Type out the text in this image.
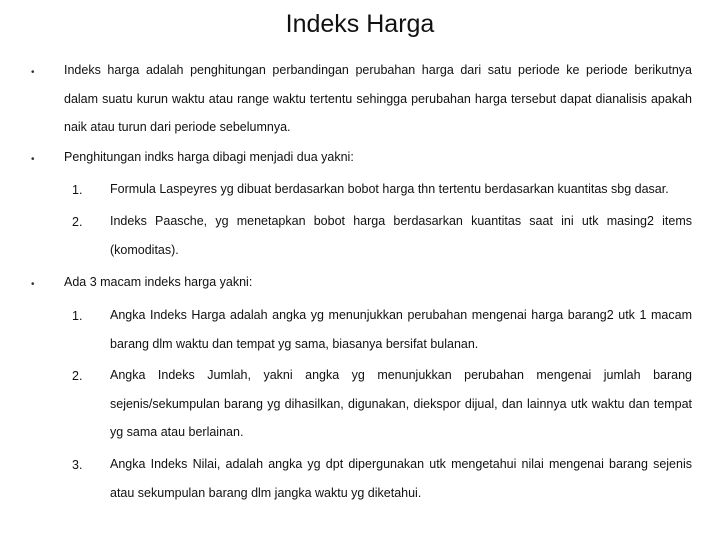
Indeks Harga
• Indeks harga adalah penghitungan perbandingan perubahan harga dari satu periode ke periode berikutnya dalam suatu kurun waktu atau range waktu tertentu sehingga perubahan harga tersebut dapat dianalisis apakah naik atau turun dari periode sebelumnya.
• Penghitungan indks harga dibagi menjadi dua yakni:
1. Formula Laspeyres yg dibuat berdasarkan bobot harga thn tertentu berdasarkan kuantitas sbg dasar.
2. Indeks Paasche, yg menetapkan bobot harga berdasarkan kuantitas saat ini utk masing2 items (komoditas).
• Ada 3 macam indeks harga yakni:
1. Angka Indeks Harga adalah angka yg menunjukkan perubahan mengenai harga barang2 utk 1 macam barang dlm waktu dan tempat yg sama, biasanya bersifat bulanan.
2. Angka Indeks Jumlah, yakni angka yg menunjukkan perubahan mengenai jumlah barang sejenis/sekumpulan barang yg dihasilkan, digunakan, diekspor dijual, dan lainnya utk waktu dan tempat yg sama atau berlainan.
3. Angka Indeks Nilai, adalah angka yg dpt dipergunakan utk mengetahui nilai mengenai barang sejenis atau sekumpulan barang dlm jangka waktu yg diketahui.
